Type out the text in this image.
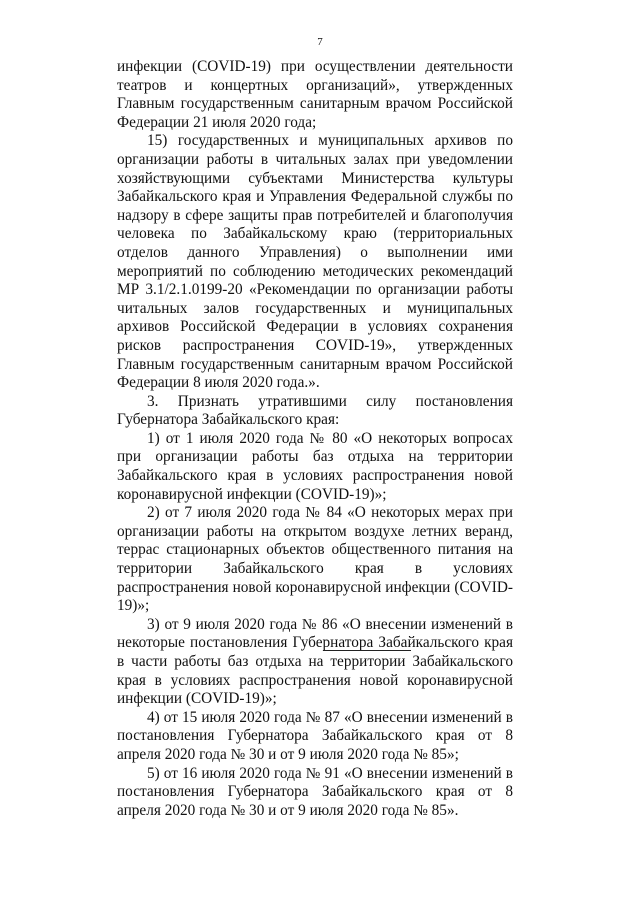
7

инфекции (COVID-19) при осуществлении деятельности театров и концертных организаций», утвержденных Главным государственным санитарным врачом Российской Федерации 21 июля 2020 года;

15) государственных и муниципальных архивов по организации работы в читальных залах при уведомлении хозяйствующими субъектами Министерства культуры Забайкальского края и Управления Федеральной службы по надзору в сфере защиты прав потребителей и благополучия человека по Забайкальскому краю (территориальных отделов данного Управления) о выполнении ими мероприятий по соблюдению методических рекомендаций МР 3.1/2.1.0199-20 «Рекомендации по организации работы читальных залов государственных и муниципальных архивов Российской Федерации в условиях сохранения рисков распространения COVID-19», утвержденных Главным государственным санитарным врачом Российской Федерации 8 июля 2020 года.».

3. Признать утратившими силу постановления Губернатора Забайкальского края:

1) от 1 июля 2020 года № 80 «О некоторых вопросах при организации работы баз отдыха на территории Забайкальского края в условиях распространения новой коронавирусной инфекции (COVID-19)»;

2) от 7 июля 2020 года № 84 «О некоторых мерах при организации работы на открытом воздухе летних веранд, террас стационарных объектов общественного питания на территории Забайкальского края в условиях распространения новой коронавирусной инфекции (COVID-19)»;

3) от 9 июля 2020 года № 86 «О внесении изменений в некоторые постановления Губернатора Забайкальского края в части работы баз отдыха на территории Забайкальского края в условиях распространения новой коронавирусной инфекции (COVID-19)»;

4) от 15 июля 2020 года № 87 «О внесении изменений в постановления Губернатора Забайкальского края от 8 апреля 2020 года № 30 и от 9 июля 2020 года № 85»;

5) от 16 июля 2020 года № 91 «О внесении изменений в постановления Губернатора Забайкальского края от 8 апреля 2020 года № 30 и от 9 июля 2020 года № 85».
